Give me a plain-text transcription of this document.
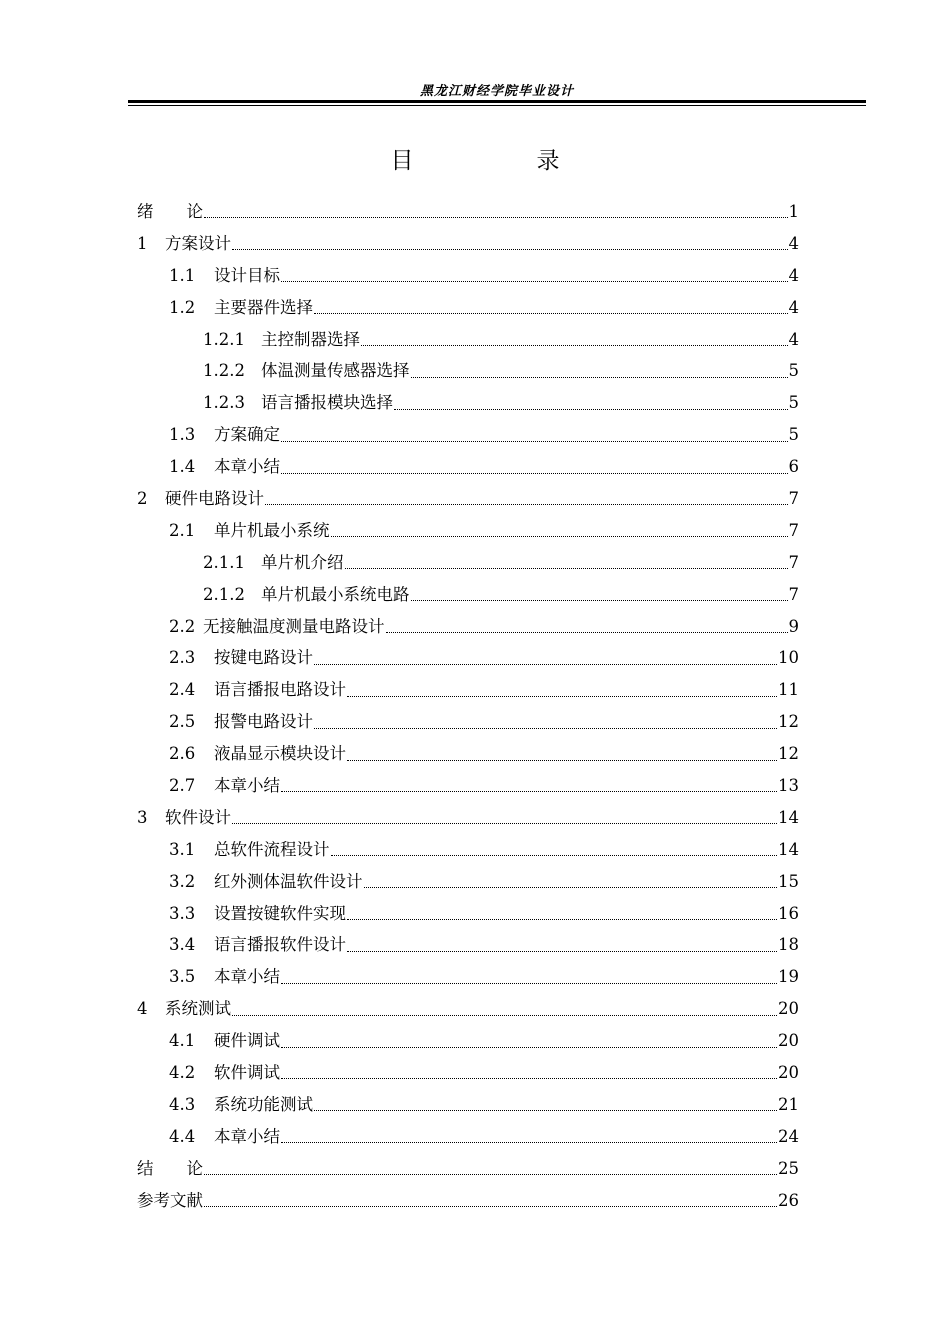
黑龙江财经学院毕业设计
目　录
绪　　论	1
1	方案设计	4
1.1	设计目标	4
1.2	主要器件选择	4
1.2.1 主控制器选择	4
1.2.2 体温测量传感器选择	5
1.2.3 语言播报模块选择	5
1.3	方案确定	5
1.4	本章小结	6
2	硬件电路设计	7
2.1	单片机最小系统	7
2.1.1 单片机介绍	7
2.1.2 单片机最小系统电路	7
2.2 无接触温度测量电路设计	9
2.3	按键电路设计	10
2.4	语言播报电路设计	11
2.5	报警电路设计	12
2.6	液晶显示模块设计	12
2.7	本章小结	13
3	软件设计	14
3.1	总软件流程设计	14
3.2	红外测体温软件设计	15
3.3	设置按键软件实现	16
3.4	语言播报软件设计	18
3.5	本章小结	19
4	系统测试	20
4.1	硬件调试	20
4.2	软件调试	20
4.3	系统功能测试	21
4.4	本章小结	24
结　　论	25
参考文献	26
